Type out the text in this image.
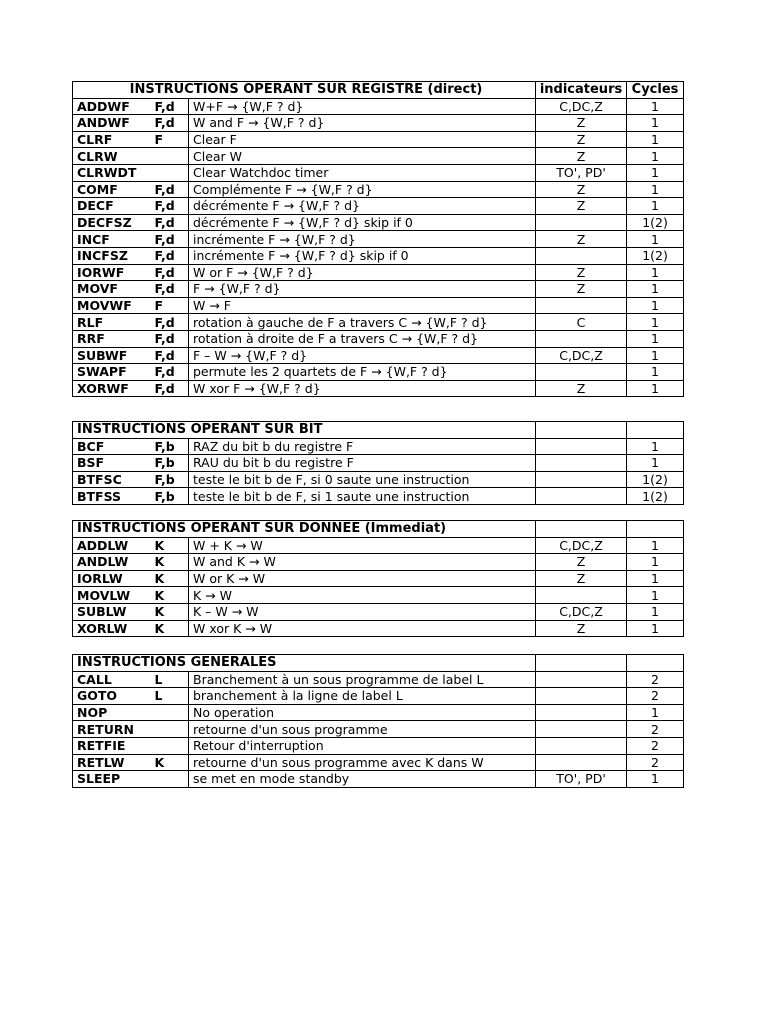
INSTRUCTIONS OPERANT SUR REGISTRE (direct)			indicateurs	Cycles
ADDWF	F,d	W+F → {W,F ? d}	C,DC,Z	1
ANDWF	F,d	W and F → {W,F ? d}	Z	1
CLRF	F	Clear F	Z	1
CLRW		Clear W	Z	1
CLRWDT		Clear Watchdoc timer	TO', PD'	1
COMF	F,d	Complémente F → {W,F ? d}	Z	1
DECF	F,d	décrémente F → {W,F ? d}	Z	1
DECFSZ	F,d	décrémente F → {W,F ? d} skip if 0		1(2)
INCF	F,d	incrémente F → {W,F ? d}	Z	1
INCFSZ	F,d	incrémente F → {W,F ? d} skip if 0		1(2)
IORWF	F,d	W or F → {W,F ? d}	Z	1
MOVF	F,d	F → {W,F ? d}	Z	1
MOVWF	F	W → F		1
RLF	F,d	rotation à gauche de F a travers C → {W,F ? d}	C	1
RRF	F,d	rotation à droite de F a travers C → {W,F ? d}		1
SUBWF	F,d	F – W → {W,F ? d}	C,DC,Z	1
SWAPF	F,d	permute les 2 quartets de F → {W,F ? d}		1
XORWF	F,d	W xor F → {W,F ? d}	Z	1
INSTRUCTIONS OPERANT SUR BIT				
BCF	F,b	RAZ du bit b du registre F		1
BSF	F,b	RAU du bit b du registre F		1
BTFSC	F,b	teste le bit b de F, si 0 saute une instruction		1(2)
BTFSS	F,b	teste le bit b de F, si 1 saute une instruction		1(2)
INSTRUCTIONS OPERANT SUR DONNEE (Immediat)				
ADDLW	K	W + K → W	C,DC,Z	1
ANDLW	K	W and K → W	Z	1
IORLW	K	W or K → W	Z	1
MOVLW	K	K → W		1
SUBLW	K	K – W → W	C,DC,Z	1
XORLW	K	W xor K → W	Z	1
INSTRUCTIONS GENERALES				
CALL	L	Branchement à un sous programme de label L		2
GOTO	L	branchement à la ligne de label L		2
NOP		No operation		1
RETURN		retourne d'un sous programme		2
RETFIE		Retour d'interruption		2
RETLW	K	retourne d'un sous programme avec K dans W		2
SLEEP		se met en mode standby	TO', PD'	1
